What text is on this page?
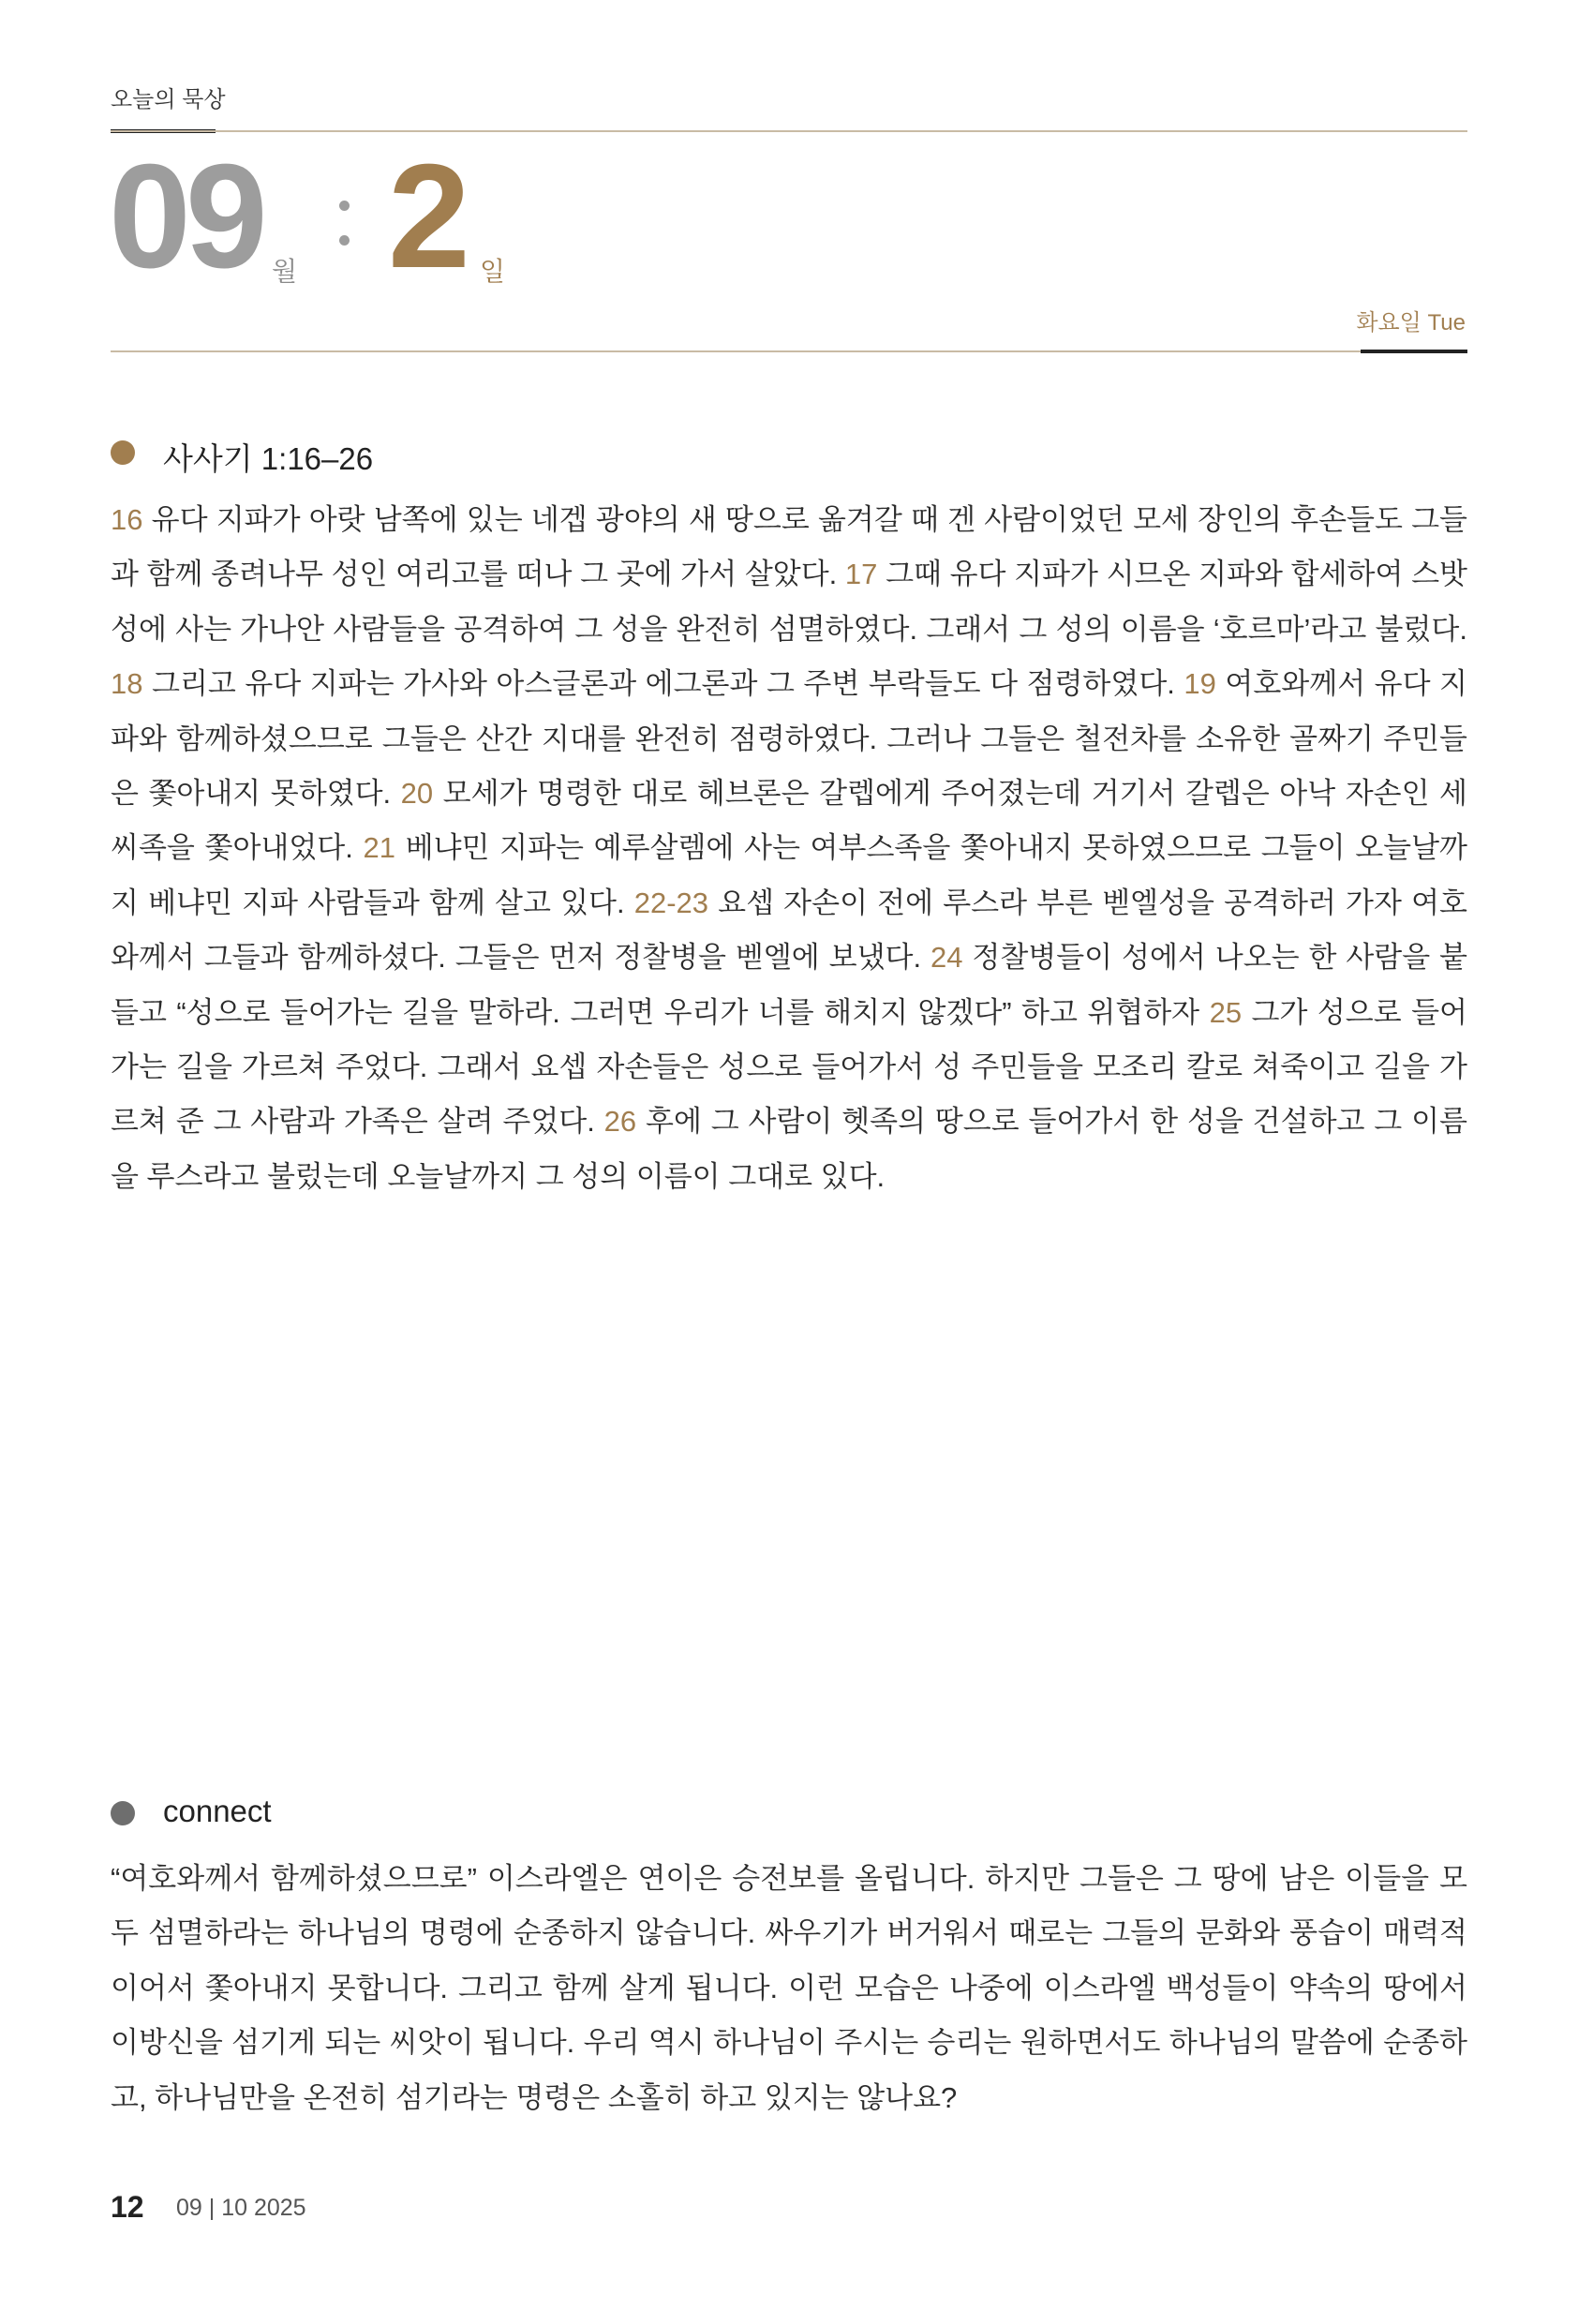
오늘의 묵상
09 월 2 일
화요일 Tue
사사기 1:16–26

16 유다 지파가 아랏 남쪽에 있는 네겝 광야의 새 땅으로 옮겨갈 때 겐 사람이었던 모세 장인의 후손들도 그들과 함께 종려나무 성인 여리고를 떠나 그 곳에 가서 살았다. 17 그때 유다 지파가 시므온 지파와 합세하여 스밧성에 사는 가나안 사람들을 공격하여 그 성을 완전히 섬멸하였다. 그래서 그 성의 이름을 ‘호르마’라고 불렀다. 18 그리고 유다 지파는 가사와 아스글론과 에그론과 그 주변 부락들도 다 점령하였다. 19 여호와께서 유다 지파와 함께하셨으므로 그들은 산간 지대를 완전히 점령하였다. 그러나 그들은 철전차를 소유한 골짜기 주민들은 쫓아내지 못하였다. 20 모세가 명령한 대로 헤브론은 갈렙에게 주어졌는데 거기서 갈렙은 아낙 자손인 세 씨족을 쫓아내었다. 21 베냐민 지파는 예루살렘에 사는 여부스족을 쫓아내지 못하였으므로 그들이 오늘날까지 베냐민 지파 사람들과 함께 살고 있다. 22-23 요셉 자손이 전에 루스라 부른 벧엘성을 공격하러 가자 여호와께서 그들과 함께하셨다. 그들은 먼저 정찰병을 벧엘에 보냈다. 24 정찰병들이 성에서 나오는 한 사람을 붙들고 “성으로 들어가는 길을 말하라. 그러면 우리가 너를 해치지 않겠다” 하고 위협하자 25 그가 성으로 들어가는 길을 가르쳐 주었다. 그래서 요셉 자손들은 성으로 들어가서 성 주민들을 모조리 칼로 쳐죽이고 길을 가르쳐 준 그 사람과 가족은 살려 주었다. 26 후에 그 사람이 헷족의 땅으로 들어가서 한 성을 건설하고 그 이름을 루스라고 불렀는데 오늘날까지 그 성의 이름이 그대로 있다.

connect

“여호와께서 함께하셨으므로” 이스라엘은 연이은 승전보를 올립니다. 하지만 그들은 그 땅에 남은 이들을 모두 섬멸하라는 하나님의 명령에 순종하지 않습니다. 싸우기가 버거워서 때로는 그들의 문화와 풍습이 매력적이어서 쫓아내지 못합니다. 그리고 함께 살게 됩니다. 이런 모습은 나중에 이스라엘 백성들이 약속의 땅에서 이방신을 섬기게 되는 씨앗이 됩니다. 우리 역시 하나님이 주시는 승리는 원하면서도 하나님의 말씀에 순종하고, 하나님만을 온전히 섬기라는 명령은 소홀히 하고 있지는 않나요?

12 09 | 10 2025
